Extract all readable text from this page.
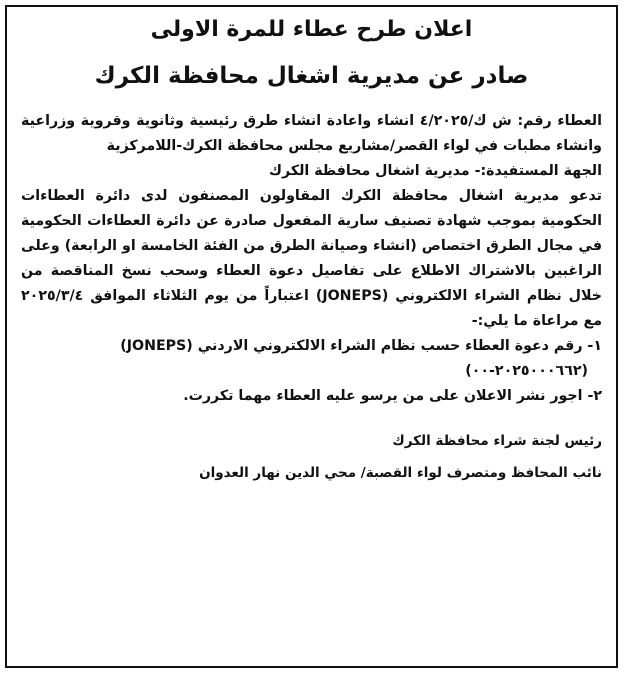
اعلان طرح عطاء للمرة الاولى
صادر عن مديرية اشغال محافظة الكرك

العطاء رقم: ش ك/٤/٢٠٢٥ انشاء واعادة انشاء طرق رئيسية وثانوية وقروية وزراعية وانشاء مطبات في لواء القصر/مشاريع مجلس محافظة الكرك-اللامركزية

الجهة المستفيدة:- مديرية اشغال محافظة الكرك

تدعو مديرية اشغال محافظة الكرك المقاولون المصنفون لدى دائرة العطاءات الحكومية بموجب شهادة تصنيف سارية المفعول صادرة عن دائرة العطاءات الحكومية في مجال الطرق اختصاص (انشاء وصيانة الطرق من الفئة الخامسة او الرابعة) وعلى الراغبين بالاشتراك الاطلاع على تفاصيل دعوة العطاء وسحب نسخ المناقصة من خلال نظام الشراء الالكتروني (JONEPS) اعتباراً من يوم الثلاثاء الموافق ٢٠٢٥/٣/٤ مع مراعاة ما يلي:-

١- رقم دعوة العطاء حسب نظام الشراء الالكتروني الاردني (JONEPS)
(٢٠٢٥٠٠٠٦٦٢-٠٠)
٢- اجور نشر الاعلان على من يرسو عليه العطاء مهما تكررت.

رئيس لجنة شراء محافظة الكرك

نائب المحافظ ومتصرف لواء القصبة/ محي الدين نهار العدوان
